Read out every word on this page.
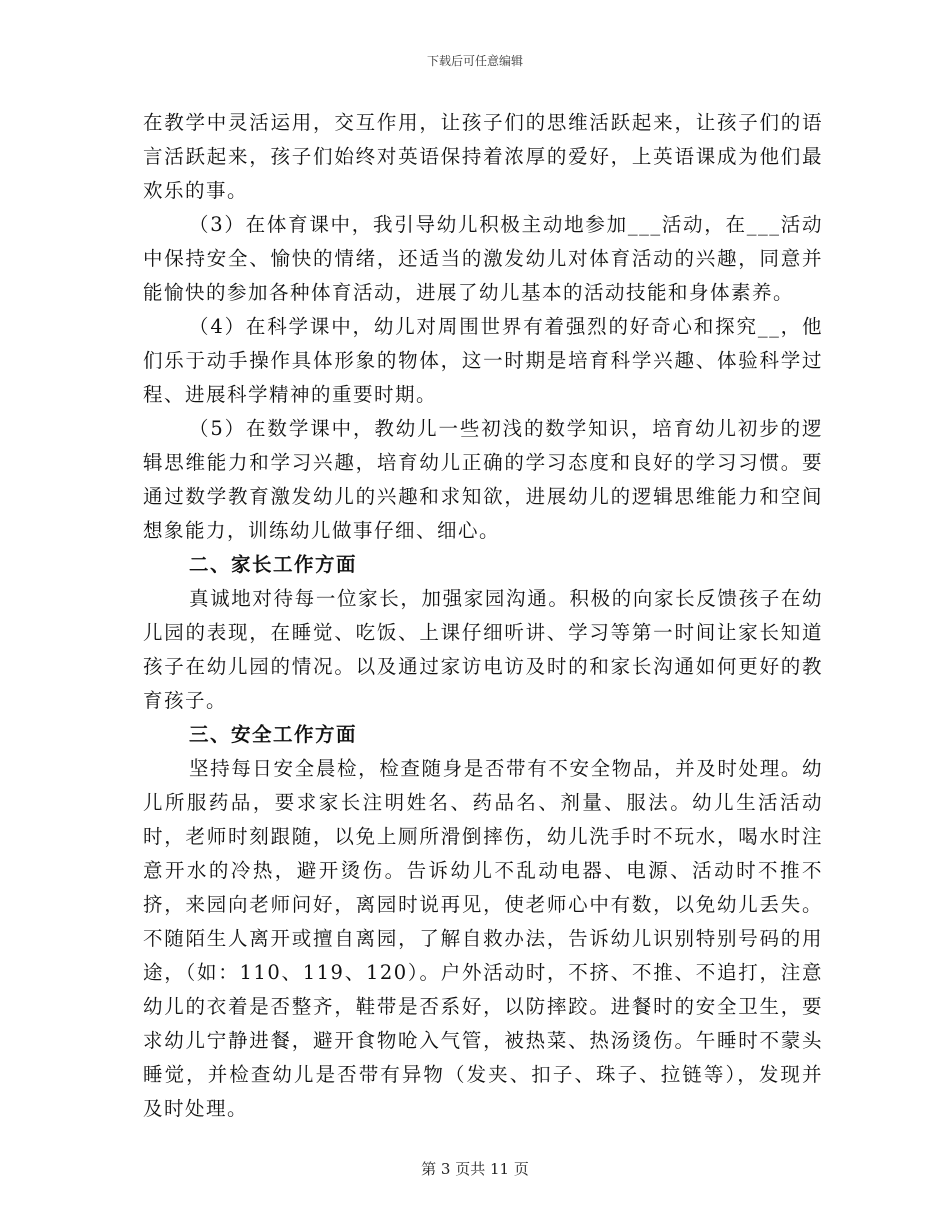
下载后可任意编辑

在教学中灵活运用，交互作用，让孩子们的思维活跃起来，让孩子们的语言活跃起来，孩子们始终对英语保持着浓厚的爱好，上英语课成为他们最欢乐的事。

（3）在体育课中，我引导幼儿积极主动地参加___活动，在___活动中保持安全、愉快的情绪，还适当的激发幼儿对体育活动的兴趣，同意并能愉快的参加各种体育活动，进展了幼儿基本的活动技能和身体素养。

（4）在科学课中，幼儿对周围世界有着强烈的好奇心和探究__，他们乐于动手操作具体形象的物体，这一时期是培育科学兴趣、体验科学过程、进展科学精神的重要时期。

（5）在数学课中，教幼儿一些初浅的数学知识，培育幼儿初步的逻辑思维能力和学习兴趣，培育幼儿正确的学习态度和良好的学习习惯。要通过数学教育激发幼儿的兴趣和求知欲，进展幼儿的逻辑思维能力和空间想象能力，训练幼儿做事仔细、细心。

二、家长工作方面

真诚地对待每一位家长，加强家园沟通。积极的向家长反馈孩子在幼儿园的表现，在睡觉、吃饭、上课仔细听讲、学习等第一时间让家长知道孩子在幼儿园的情况。以及通过家访电访及时的和家长沟通如何更好的教育孩子。

三、安全工作方面

坚持每日安全晨检，检查随身是否带有不安全物品，并及时处理。幼儿所服药品，要求家长注明姓名、药品名、剂量、服法。幼儿生活活动时，老师时刻跟随，以免上厕所滑倒摔伤，幼儿洗手时不玩水，喝水时注意开水的冷热，避开烫伤。告诉幼儿不乱动电器、电源、活动时不推不挤，来园向老师问好，离园时说再见，使老师心中有数，以免幼儿丢失。不随陌生人离开或擅自离园，了解自救办法，告诉幼儿识别特别号码的用途，（如：110、119、120）。户外活动时，不挤、不推、不追打，注意幼儿的衣着是否整齐，鞋带是否系好，以防摔跤。进餐时的安全卫生，要求幼儿宁静进餐，避开食物呛入气管，被热菜、热汤烫伤。午睡时不蒙头睡觉，并检查幼儿是否带有异物（发夹、扣子、珠子、拉链等），发现并及时处理。

第 3 页共 11 页
